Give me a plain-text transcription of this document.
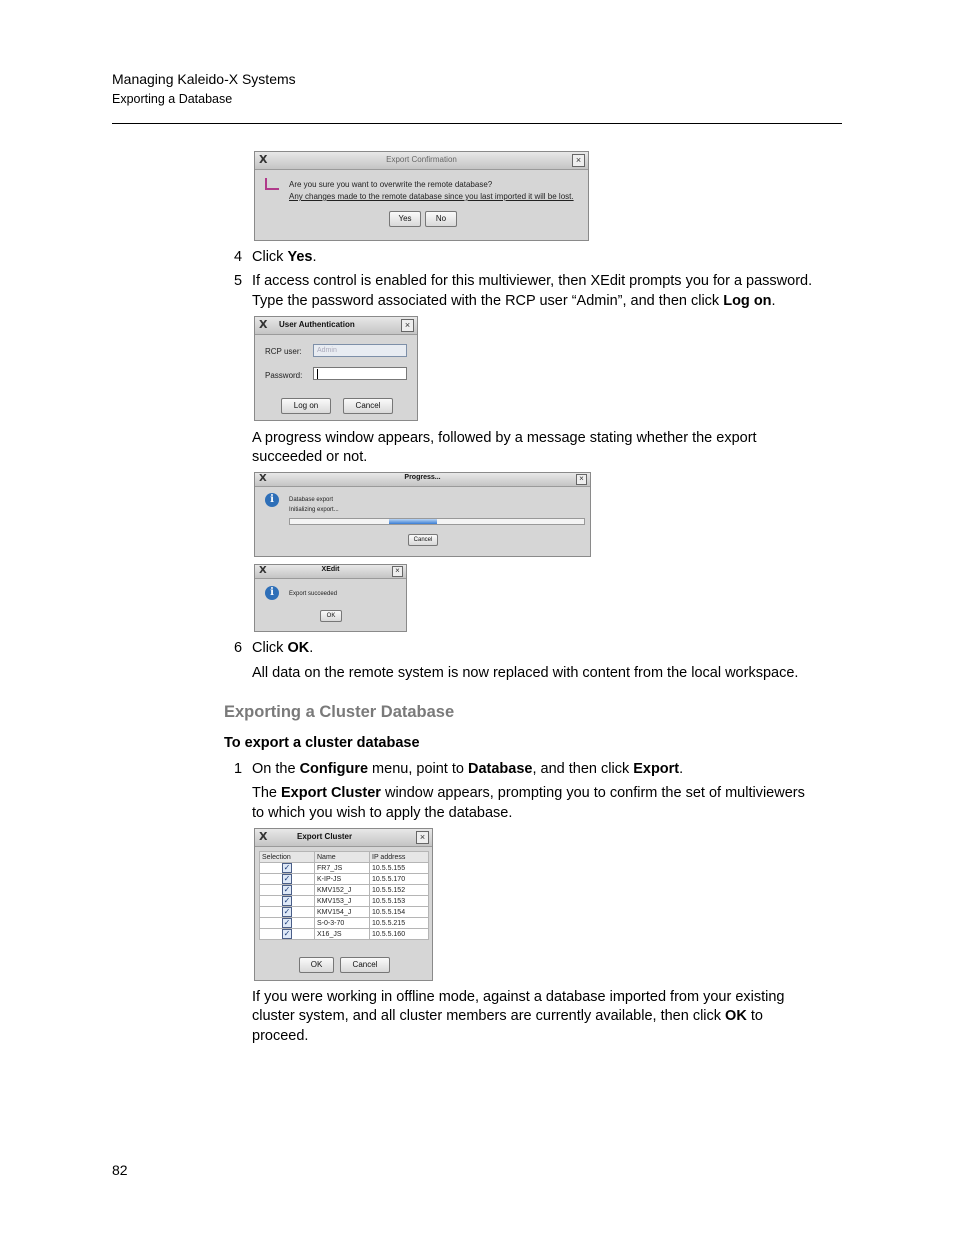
Managing Kaleido-X Systems
Exporting a Database
X	Export Confirmation	×
Are you sure you want to overwrite the remote database?
Any changes made to the remote database since you last imported it will be lost.
Yes	No
4 Click Yes.
5 If access control is enabled for this multiviewer, then XEdit prompts you for a password.
Type the password associated with the RCP user “Admin”, and then click Log on.
X	User Authentication	×
RCP user:	Admin
Password:
Log on	Cancel
A progress window appears, followed by a message stating whether the export
succeeded or not.
X	Progress...	×
i	Database export
Initializing export...
Cancel
X	XEdit	×
i	Export succeeded
OK
6 Click OK.
All data on the remote system is now replaced with content from the local workspace.
Exporting a Cluster Database
To export a cluster database
1 On the Configure menu, point to Database, and then click Export.
The Export Cluster window appears, prompting you to confirm the set of multiviewers
to which you wish to apply the database.
X	Export Cluster	×
Selection	Name	IP address
✓	FR7_JS	10.5.5.155
✓	K-IP-JS	10.5.5.170
✓	KMV152_J	10.5.5.152
✓	KMV153_J	10.5.5.153
✓	KMV154_J	10.5.5.154
✓	S-0-3-70	10.5.5.215
✓	X16_JS	10.5.5.160
OK	Cancel
If you were working in offline mode, against a database imported from your existing
cluster system, and all cluster members are currently available, then click OK to
proceed.
82
